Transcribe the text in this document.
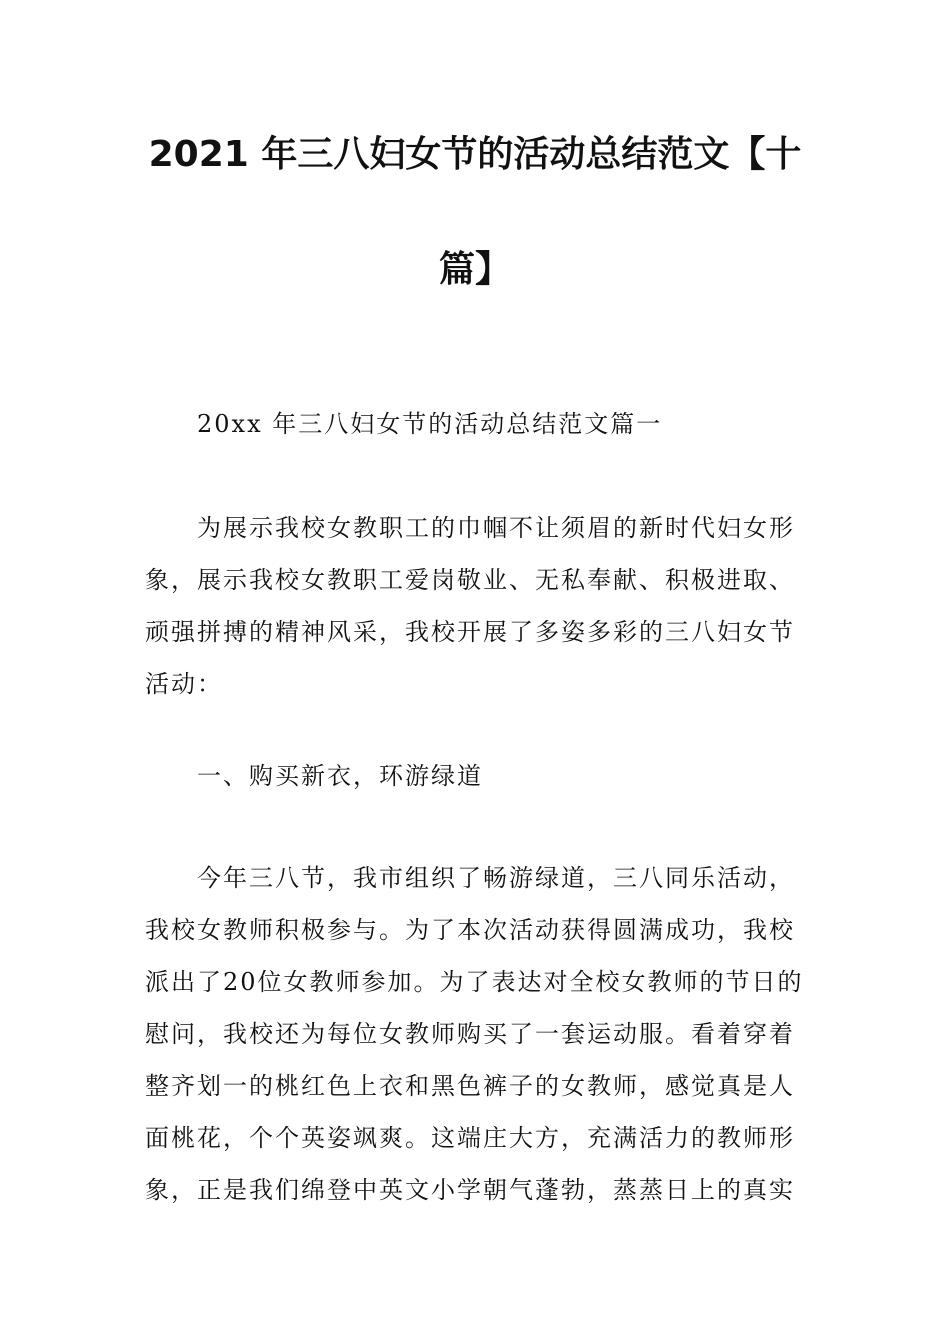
2021 年三八妇女节的活动总结范文【十
篇】

20xx 年三八妇女节的活动总结范文篇一

为展示我校女教职工的巾帼不让须眉的新时代妇女形

象，展示我校女教职工爱岗敬业、无私奉献、积极进取、

顽强拼搏的精神风采，我校开展了多姿多彩的三八妇女节

活动：

一、购买新衣，环游绿道

今年三八节，我市组织了畅游绿道，三八同乐活动，

我校女教师积极参与。为了本次活动获得圆满成功，我校

派出了20位女教师参加。为了表达对全校女教师的节日的

慰问，我校还为每位女教师购买了一套运动服。看着穿着

整齐划一的桃红色上衣和黑色裤子的女教师，感觉真是人

面桃花，个个英姿飒爽。这端庄大方，充满活力的教师形

象，正是我们绵登中英文小学朝气蓬勃，蒸蒸日上的真实
